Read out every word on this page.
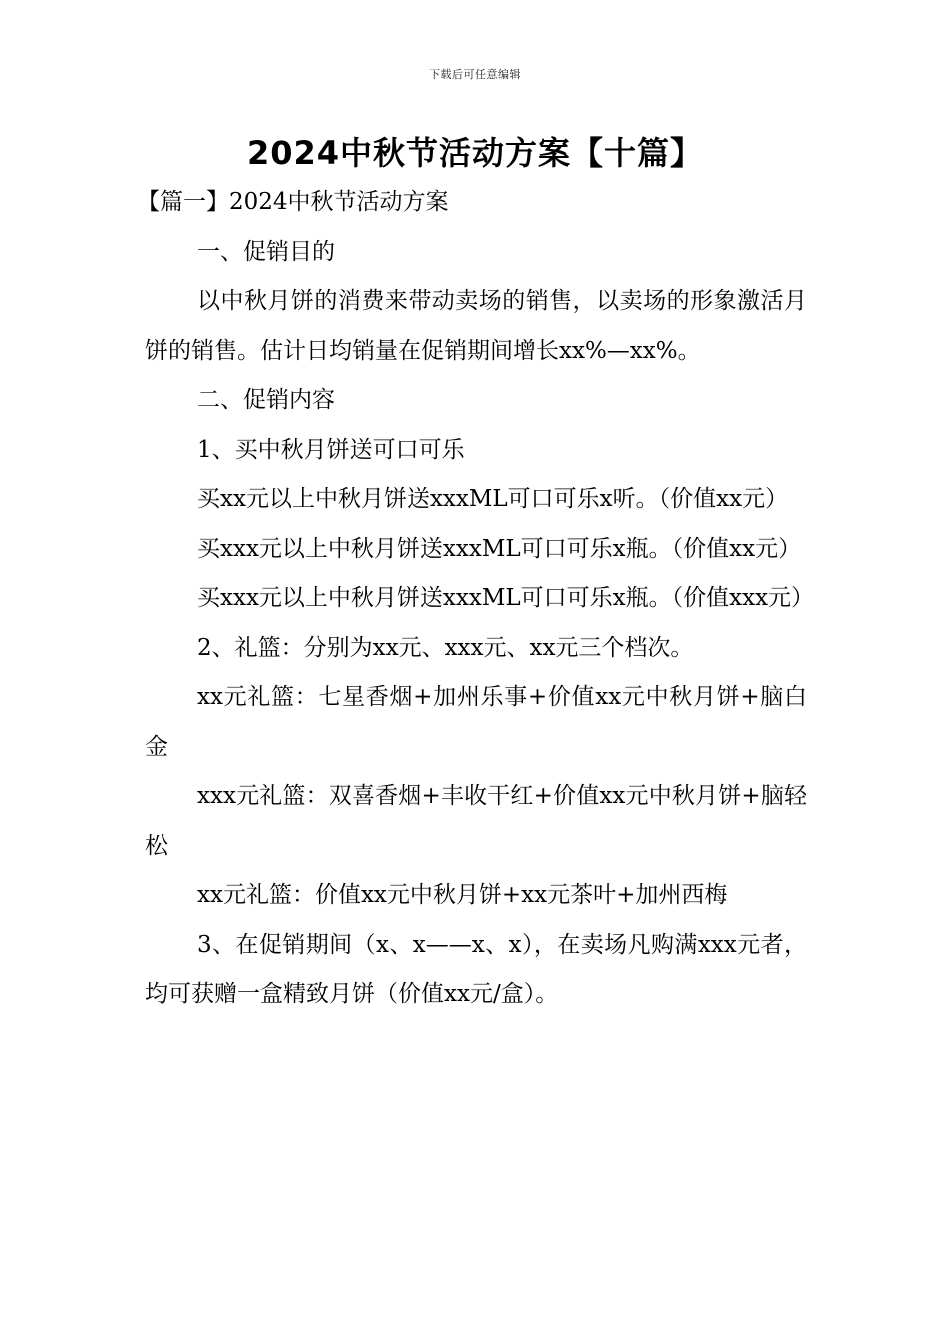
下载后可任意编辑
2024中秋节活动方案【十篇】

【篇一】2024中秋节活动方案

一、促销目的

以中秋月饼的消费来带动卖场的销售，以卖场的形象激活月饼的销售。估计日均销量在促销期间增长xx%—xx%。

二、促销内容

1、买中秋月饼送可口可乐

买xx元以上中秋月饼送xxxML可口可乐x听。（价值xx元）

买xxx元以上中秋月饼送xxxML可口可乐x瓶。（价值xx元）

买xxx元以上中秋月饼送xxxML可口可乐x瓶。（价值xxx元）

2、礼篮：分别为xx元、xxx元、xx元三个档次。

xx元礼篮：七星香烟+加州乐事+价值xx元中秋月饼+脑白金

xxx元礼篮：双喜香烟+丰收干红+价值xx元中秋月饼+脑轻松

xx元礼篮：价值xx元中秋月饼+xx元茶叶+加州西梅

3、在促销期间（x、x——x、x），在卖场凡购满xxx元者，均可获赠一盒精致月饼（价值xx元/盒）。
